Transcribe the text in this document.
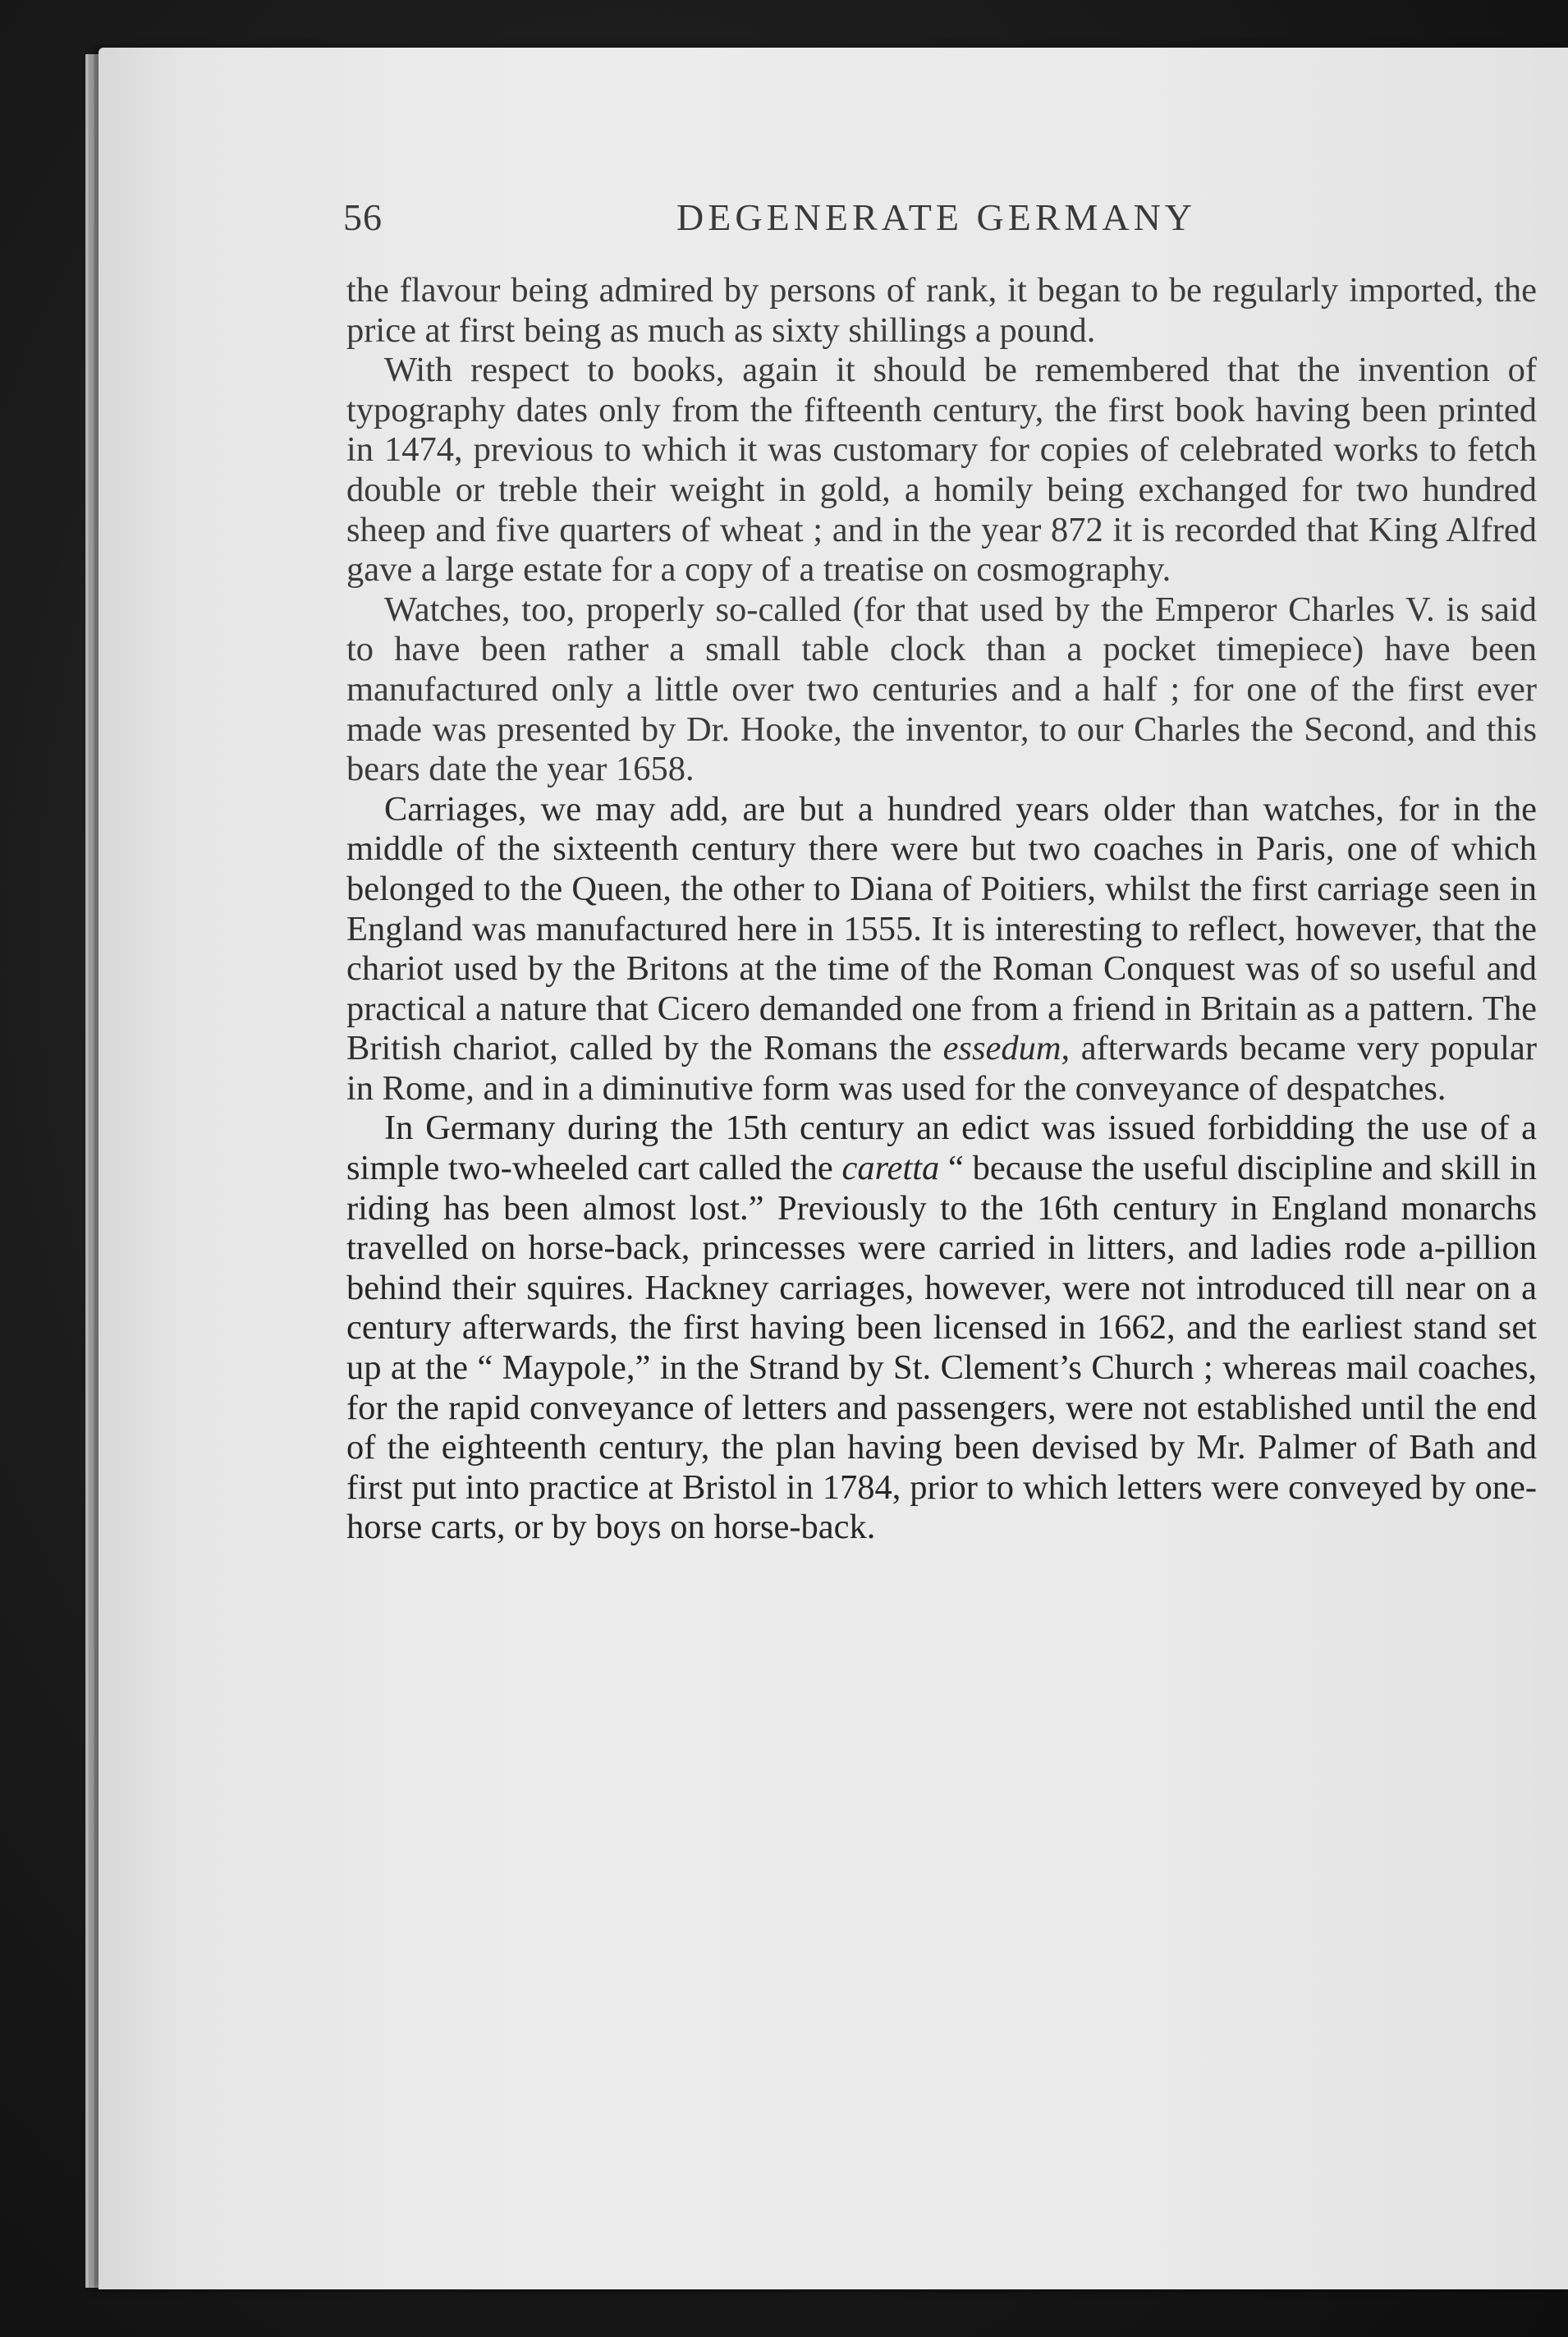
56	DEGENERATE GERMANY

the flavour being admired by persons of rank, it began to be regularly imported, the price at first being as much as sixty shillings a pound.

With respect to books, again it should be remembered that the invention of typography dates only from the fifteenth century, the first book having been printed in 1474, previous to which it was customary for copies of celebrated works to fetch double or treble their weight in gold, a homily being exchanged for two hundred sheep and five quarters of wheat ; and in the year 872 it is recorded that King Alfred gave a large estate for a copy of a treatise on cosmography.

Watches, too, properly so-called (for that used by the Emperor Charles V. is said to have been rather a small table clock than a pocket timepiece) have been manufactured only a little over two centuries and a half ; for one of the first ever made was presented by Dr. Hooke, the inventor, to our Charles the Second, and this bears date the year 1658.

Carriages, we may add, are but a hundred years older than watches, for in the middle of the sixteenth century there were but two coaches in Paris, one of which belonged to the Queen, the other to Diana of Poitiers, whilst the first carriage seen in England was manufactured here in 1555. It is interesting to reflect, however, that the chariot used by the Britons at the time of the Roman Conquest was of so useful and practical a nature that Cicero demanded one from a friend in Britain as a pattern. The British chariot, called by the Romans the essedum, afterwards became very popular in Rome, and in a diminutive form was used for the conveyance of despatches.

In Germany during the 15th century an edict was issued forbidding the use of a simple two-wheeled cart called the caretta “ because the useful discipline and skill in riding has been almost lost.” Previously to the 16th century in England monarchs travelled on horse-back, princesses were carried in litters, and ladies rode a-pillion behind their squires. Hackney carriages, however, were not introduced till near on a century afterwards, the first having been licensed in 1662, and the earliest stand set up at the “ Maypole,” in the Strand by St. Clement’s Church ; whereas mail coaches, for the rapid conveyance of letters and passengers, were not established until the end of the eighteenth century, the plan having been devised by Mr. Palmer of Bath and first put into practice at Bristol in 1784, prior to which letters were conveyed by one-horse carts, or by boys on horse-back.
